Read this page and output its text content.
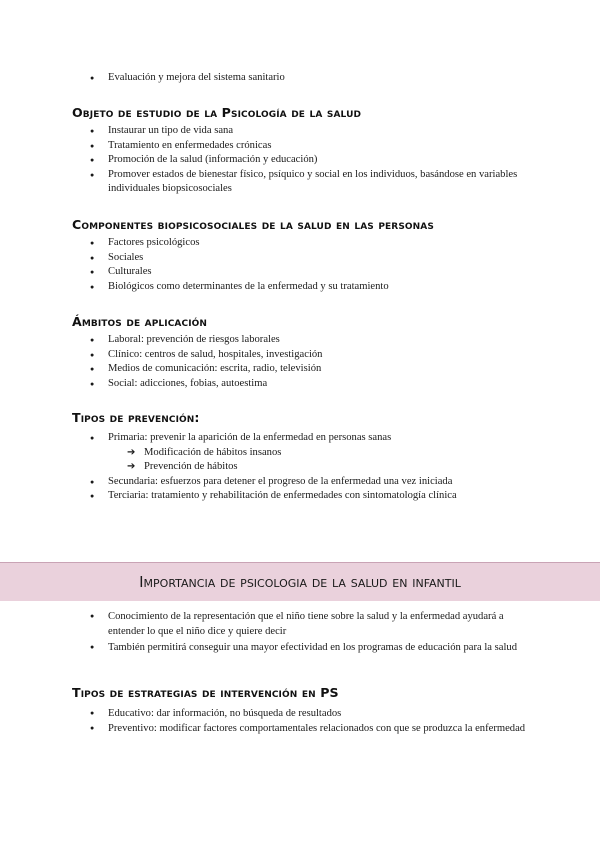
● Evaluación y mejora del sistema sanitario
Objeto de estudio de la Psicología de la salud
● Instaurar un tipo de vida sana
● Tratamiento en enfermedades crónicas
● Promoción de la salud (información y educación)
● Promover estados de bienestar físico, psíquico y social en los individuos, basándose en variables individuales biopsicosociales
Componentes biopsicosociales de la salud en las personas
● Factores psicológicos
● Sociales
● Culturales
● Biológicos como determinantes de la enfermedad y su tratamiento
Ámbitos de aplicación
● Laboral: prevención de riesgos laborales
● Clínico: centros de salud, hospitales, investigación
● Medios de comunicación: escrita, radio, televisión
● Social: adicciones, fobias, autoestima
Tipos de prevención:
● Primaria: prevenir la aparición de la enfermedad en personas sanas
➔ Modificación de hábitos insanos
➔ Prevención de hábitos
● Secundaria: esfuerzos para detener el progreso de la enfermedad una vez iniciada
● Terciaria: tratamiento y rehabilitación de enfermedades con sintomatología clínica
Importancia de psicologia de la salud en infantil
● Conocimiento de la representación que el niño tiene sobre la salud y la enfermedad ayudará a entender lo que el niño dice y quiere decir
● También permitirá conseguir una mayor efectividad en los programas de educación para la salud
Tipos de estrategias de intervención en PS
● Educativo: dar información, no búsqueda de resultados
● Preventivo: modificar factores comportamentales relacionados con que se produzca la enfermedad
